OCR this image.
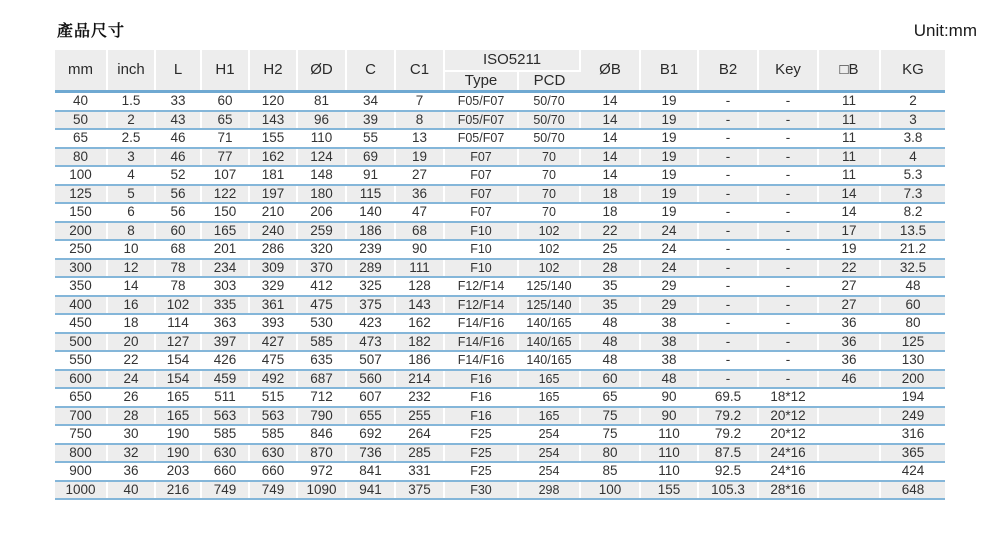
產品尺寸	Unit:mm
mm	inch	L	H1	H2	ØD	C	C1	ISO5211		ØB	B1	B2	Key	□B	KG
								Type	PCD						
40	1.5	33	60	120	81	34	7	F05/F07	50/70	14	19	-	-	11	2
50	2	43	65	143	96	39	8	F05/F07	50/70	14	19	-	-	11	3
65	2.5	46	71	155	110	55	13	F05/F07	50/70	14	19	-	-	11	3.8
80	3	46	77	162	124	69	19	F07	70	14	19	-	-	11	4
100	4	52	107	181	148	91	27	F07	70	14	19	-	-	11	5.3
125	5	56	122	197	180	115	36	F07	70	18	19	-	-	14	7.3
150	6	56	150	210	206	140	47	F07	70	18	19	-	-	14	8.2
200	8	60	165	240	259	186	68	F10	102	22	24	-	-	17	13.5
250	10	68	201	286	320	239	90	F10	102	25	24	-	-	19	21.2
300	12	78	234	309	370	289	111	F10	102	28	24	-	-	22	32.5
350	14	78	303	329	412	325	128	F12/F14	125/140	35	29	-	-	27	48
400	16	102	335	361	475	375	143	F12/F14	125/140	35	29	-	-	27	60
450	18	114	363	393	530	423	162	F14/F16	140/165	48	38	-	-	36	80
500	20	127	397	427	585	473	182	F14/F16	140/165	48	38	-	-	36	125
550	22	154	426	475	635	507	186	F14/F16	140/165	48	38	-	-	36	130
600	24	154	459	492	687	560	214	F16	165	60	48	-	-	46	200
650	26	165	511	515	712	607	232	F16	165	65	90	69.5	18*12		194
700	28	165	563	563	790	655	255	F16	165	75	90	79.2	20*12		249
750	30	190	585	585	846	692	264	F25	254	75	110	79.2	20*12		316
800	32	190	630	630	870	736	285	F25	254	80	110	87.5	24*16		365
900	36	203	660	660	972	841	331	F25	254	85	110	92.5	24*16		424
1000	40	216	749	749	1090	941	375	F30	298	100	155	105.3	28*16		648
